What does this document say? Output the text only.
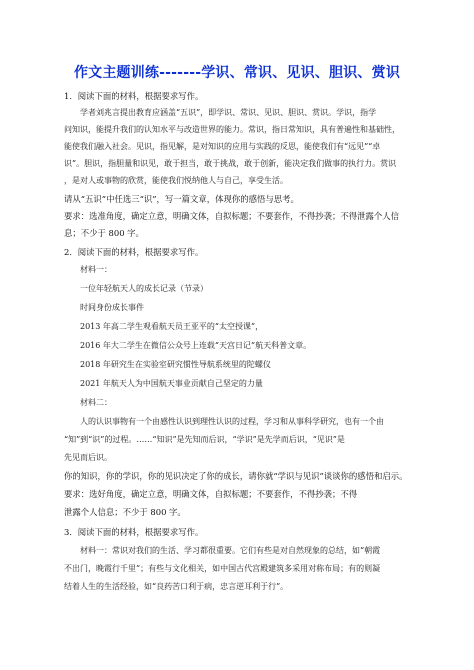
作文主题训练-------学识、常识、见识、胆识、赏识
1．阅读下面的材料，根据要求写作。
学者刘兆言提出教育应涵盖“五识”，即学识、常识、见识、胆识、赏识。学识，指学
问知识，能提升我们的认知水平与改造世界的能力。常识，指日常知识，具有普遍性和基础性，
能使我们融入社会。见识，指见解，是对知识的应用与实践的反思，能使我们有“远见”“卓
识”。胆识，指胆量和识见，敢于担当，敢于挑战，敢于创新，能决定我们做事的执行力。赏识
，是对人或事物的欣赏，能使我们悦纳他人与自己，享受生活。
请从“五识”中任选三“识”，写一篇文章，体现你的感悟与思考。
要求：选准角度，确定立意，明确文体，自拟标题；不要套作，不得抄袭；不得泄露个人信
息；不少于 800 字。
2．阅读下面的材料，根据要求写作。
材料一：
一位年轻航天人的成长记录（节录）
时间身份成长事件
2013 年高二学生观看航天员王亚平的“太空授课”，
2016 年大二学生在微信公众号上连载“天宫日记”航天科普文章。
2018 年研究生在实验室研究惯性导航系统里的陀螺仪
2021 年航天人为中国航天事业贡献自己坚定的力量
材料二：
人的认识事物有一个由感性认识到理性认识的过程，学习和从事科学研究，也有一个由
“知”到“识”的过程。……“知识”是先知而后识，“学识”是先学而后识，“见识”是
先见而后识。
你的知识，你的学识，你的见识决定了你的成长，请你就“学识与见识”谈谈你的感悟和启示。
要求：选好角度，确定立意，明确文体，自拟标题；不要套作，不得抄袭；不得
泄露个人信息；不少于 800 字。
3．阅读下面的材料，根据要求写作。
材料一：常识对我们的生活、学习都很重要。它们有些是对自然现象的总结，如“朝霞
不出门，晚霞行千里”；有些与文化相关，如中国古代宫殿建筑多采用对称布局；有的则凝
结着人生的生活经验，如“良药苦口利于病，忠言逆耳利于行”。
